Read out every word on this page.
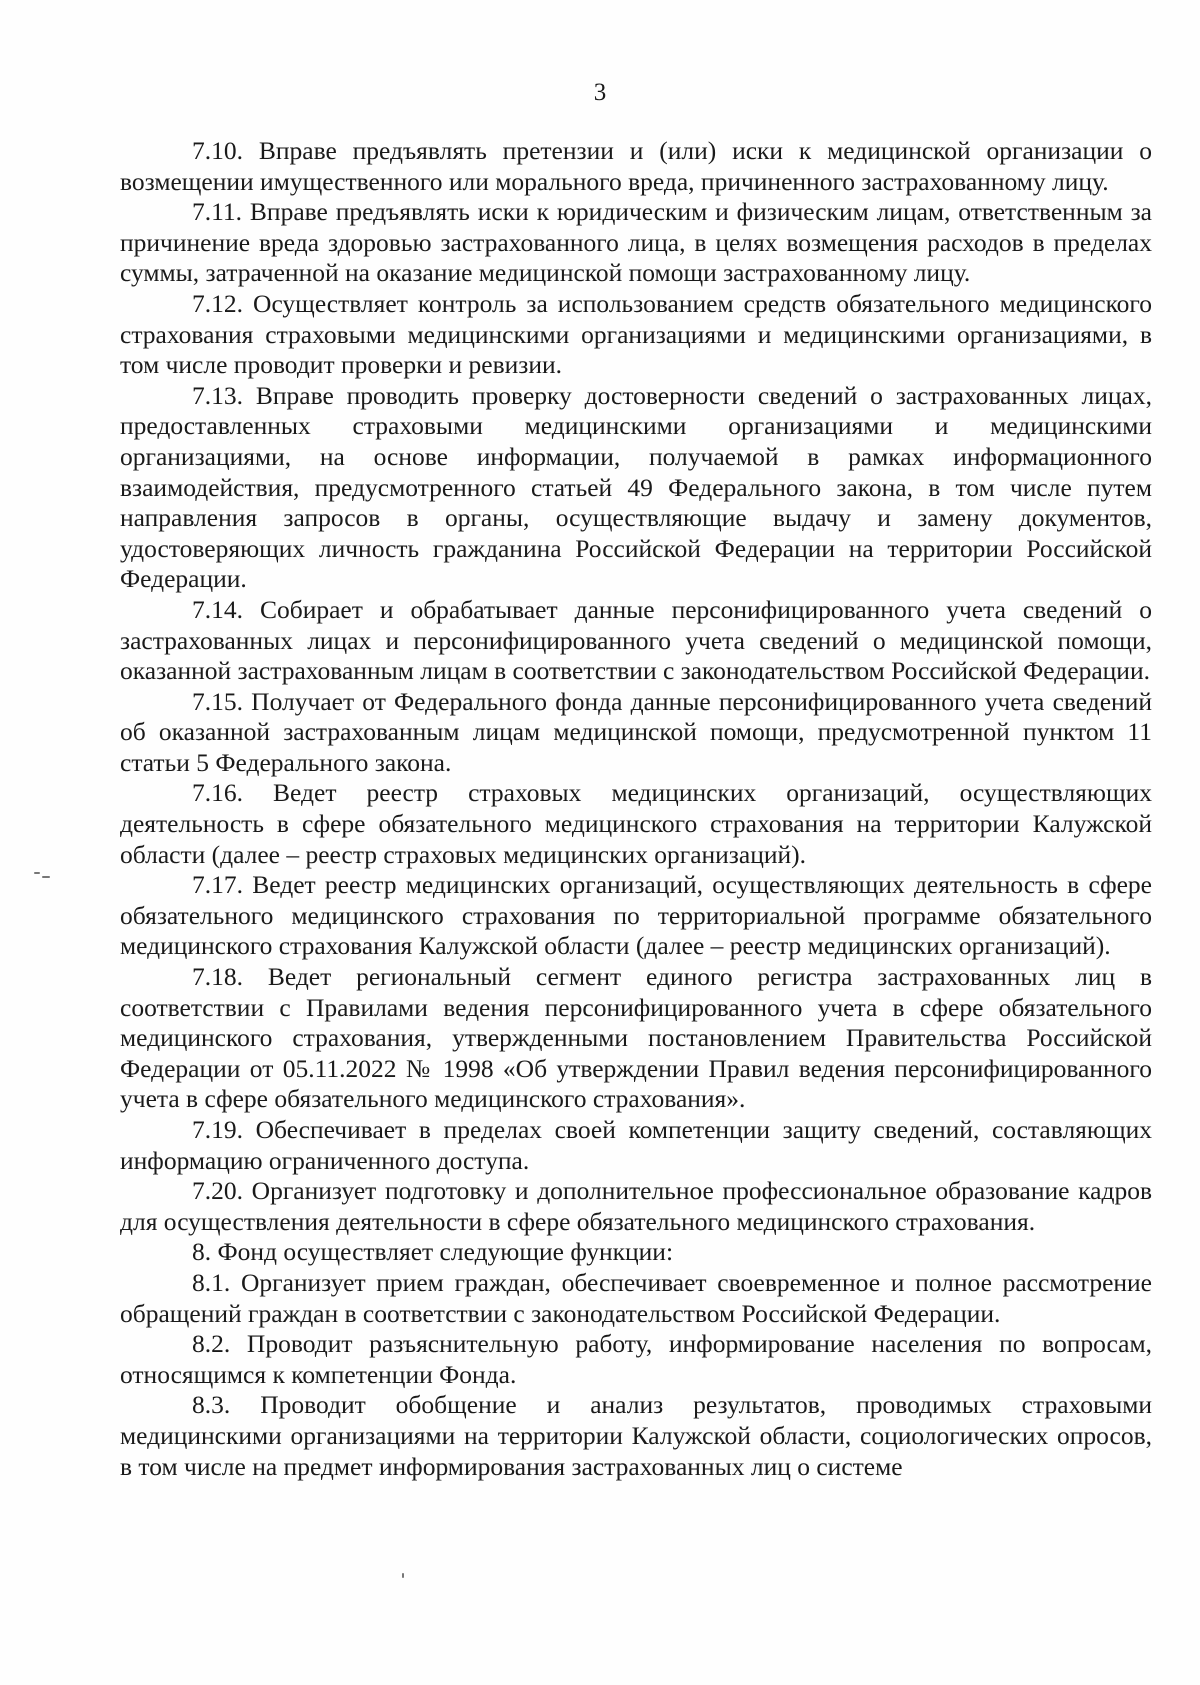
3

7.10. Вправе предъявлять претензии и (или) иски к медицинской организации о возмещении имущественного или морального вреда, причиненного застрахованному лицу.

7.11. Вправе предъявлять иски к юридическим и физическим лицам, ответственным за причинение вреда здоровью застрахованного лица, в целях возмещения расходов в пределах суммы, затраченной на оказание медицинской помощи застрахованному лицу.

7.12. Осуществляет контроль за использованием средств обязательного медицинского страхования страховыми медицинскими организациями и медицинскими организациями, в том числе проводит проверки и ревизии.

7.13. Вправе проводить проверку достоверности сведений о застрахованных лицах, предоставленных страховыми медицинскими организациями и медицинскими организациями, на основе информации, получаемой в рамках информационного взаимодействия, предусмотренного статьей 49 Федерального закона, в том числе путем направления запросов в органы, осуществляющие выдачу и замену документов, удостоверяющих личность гражданина Российской Федерации на территории Российской Федерации.

7.14. Собирает и обрабатывает данные персонифицированного учета сведений о застрахованных лицах и персонифицированного учета сведений о медицинской помощи, оказанной застрахованным лицам в соответствии с законодательством Российской Федерации.

7.15. Получает от Федерального фонда данные персонифицированного учета сведений об оказанной застрахованным лицам медицинской помощи, предусмотренной пунктом 11 статьи 5 Федерального закона.

7.16. Ведет реестр страховых медицинских организаций, осуществляющих деятельность в сфере обязательного медицинского страхования на территории Калужской области (далее – реестр страховых медицинских организаций).

7.17. Ведет реестр медицинских организаций, осуществляющих деятельность в сфере обязательного медицинского страхования по территориальной программе обязательного медицинского страхования Калужской области (далее – реестр медицинских организаций).

7.18. Ведет региональный сегмент единого регистра застрахованных лиц в соответствии с Правилами ведения персонифицированного учета в сфере обязательного медицинского страхования, утвержденными постановлением Правительства Российской Федерации от 05.11.2022 № 1998 «Об утверждении Правил ведения персонифицированного учета в сфере обязательного медицинского страхования».

7.19. Обеспечивает в пределах своей компетенции защиту сведений, составляющих информацию ограниченного доступа.

7.20. Организует подготовку и дополнительное профессиональное образование кадров для осуществления деятельности в сфере обязательного медицинского страхования.

8. Фонд осуществляет следующие функции:

8.1. Организует прием граждан, обеспечивает своевременное и полное рассмотрение обращений граждан в соответствии с законодательством Российской Федерации.

8.2. Проводит разъяснительную работу, информирование населения по вопросам, относящимся к компетенции Фонда.

8.3. Проводит обобщение и анализ результатов, проводимых страховыми медицинскими организациями на территории Калужской области, социологических опросов, в том числе на предмет информирования застрахованных лиц о системе
